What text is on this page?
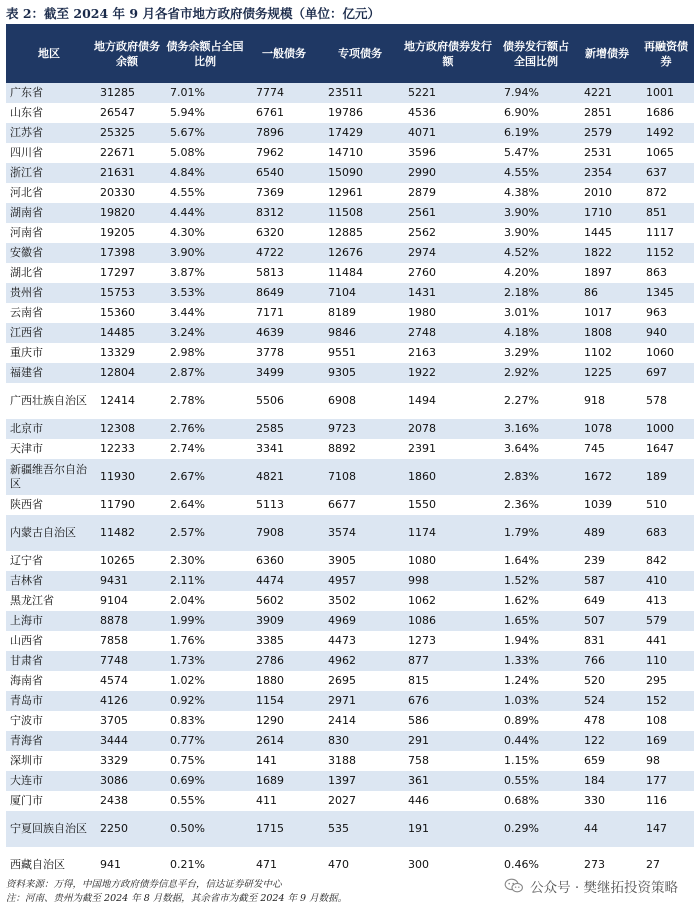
表 2：截至 2024 年 9 月各省市地方政府债务规模（单位：亿元）
地区	地方政府债务余额	债务余额占全国比例	一般债务	专项债务	地方政府债券发行额	债券发行额占全国比例	新增债券	再融资债券
广东省	31285	7.01%	7774	23511	5221	7.94%	4221	1001
山东省	26547	5.94%	6761	19786	4536	6.90%	2851	1686
江苏省	25325	5.67%	7896	17429	4071	6.19%	2579	1492
四川省	22671	5.08%	7962	14710	3596	5.47%	2531	1065
浙江省	21631	4.84%	6540	15090	2990	4.55%	2354	637
河北省	20330	4.55%	7369	12961	2879	4.38%	2010	872
湖南省	19820	4.44%	8312	11508	2561	3.90%	1710	851
河南省	19205	4.30%	6320	12885	2562	3.90%	1445	1117
安徽省	17398	3.90%	4722	12676	2974	4.52%	1822	1152
湖北省	17297	3.87%	5813	11484	2760	4.20%	1897	863
贵州省	15753	3.53%	8649	7104	1431	2.18%	86	1345
云南省	15360	3.44%	7171	8189	1980	3.01%	1017	963
江西省	14485	3.24%	4639	9846	2748	4.18%	1808	940
重庆市	13329	2.98%	3778	9551	2163	3.29%	1102	1060
福建省	12804	2.87%	3499	9305	1922	2.92%	1225	697
广西壮族自治区	12414	2.78%	5506	6908	1494	2.27%	918	578
北京市	12308	2.76%	2585	9723	2078	3.16%	1078	1000
天津市	12233	2.74%	3341	8892	2391	3.64%	745	1647
新疆维吾尔自治区	11930	2.67%	4821	7108	1860	2.83%	1672	189
陕西省	11790	2.64%	5113	6677	1550	2.36%	1039	510
内蒙古自治区	11482	2.57%	7908	3574	1174	1.79%	489	683
辽宁省	10265	2.30%	6360	3905	1080	1.64%	239	842
吉林省	9431	2.11%	4474	4957	998	1.52%	587	410
黑龙江省	9104	2.04%	5602	3502	1062	1.62%	649	413
上海市	8878	1.99%	3909	4969	1086	1.65%	507	579
山西省	7858	1.76%	3385	4473	1273	1.94%	831	441
甘肃省	7748	1.73%	2786	4962	877	1.33%	766	110
海南省	4574	1.02%	1880	2695	815	1.24%	520	295
青岛市	4126	0.92%	1154	2971	676	1.03%	524	152
宁波市	3705	0.83%	1290	2414	586	0.89%	478	108
青海省	3444	0.77%	2614	830	291	0.44%	122	169
深圳市	3329	0.75%	141	3188	758	1.15%	659	98
大连市	3086	0.69%	1689	1397	361	0.55%	184	177
厦门市	2438	0.55%	411	2027	446	0.68%	330	116
宁夏回族自治区	2250	0.50%	1715	535	191	0.29%	44	147
西藏自治区	941	0.21%	471	470	300	0.46%	273	27
资料来源：万得，中国地方政府债券信息平台，信达证券研发中心
注：河南、贵州为截至 2024 年 8 月数据，其余省市为截至 2024 年 9 月数据。
公众号 · 樊继拓投资策略
